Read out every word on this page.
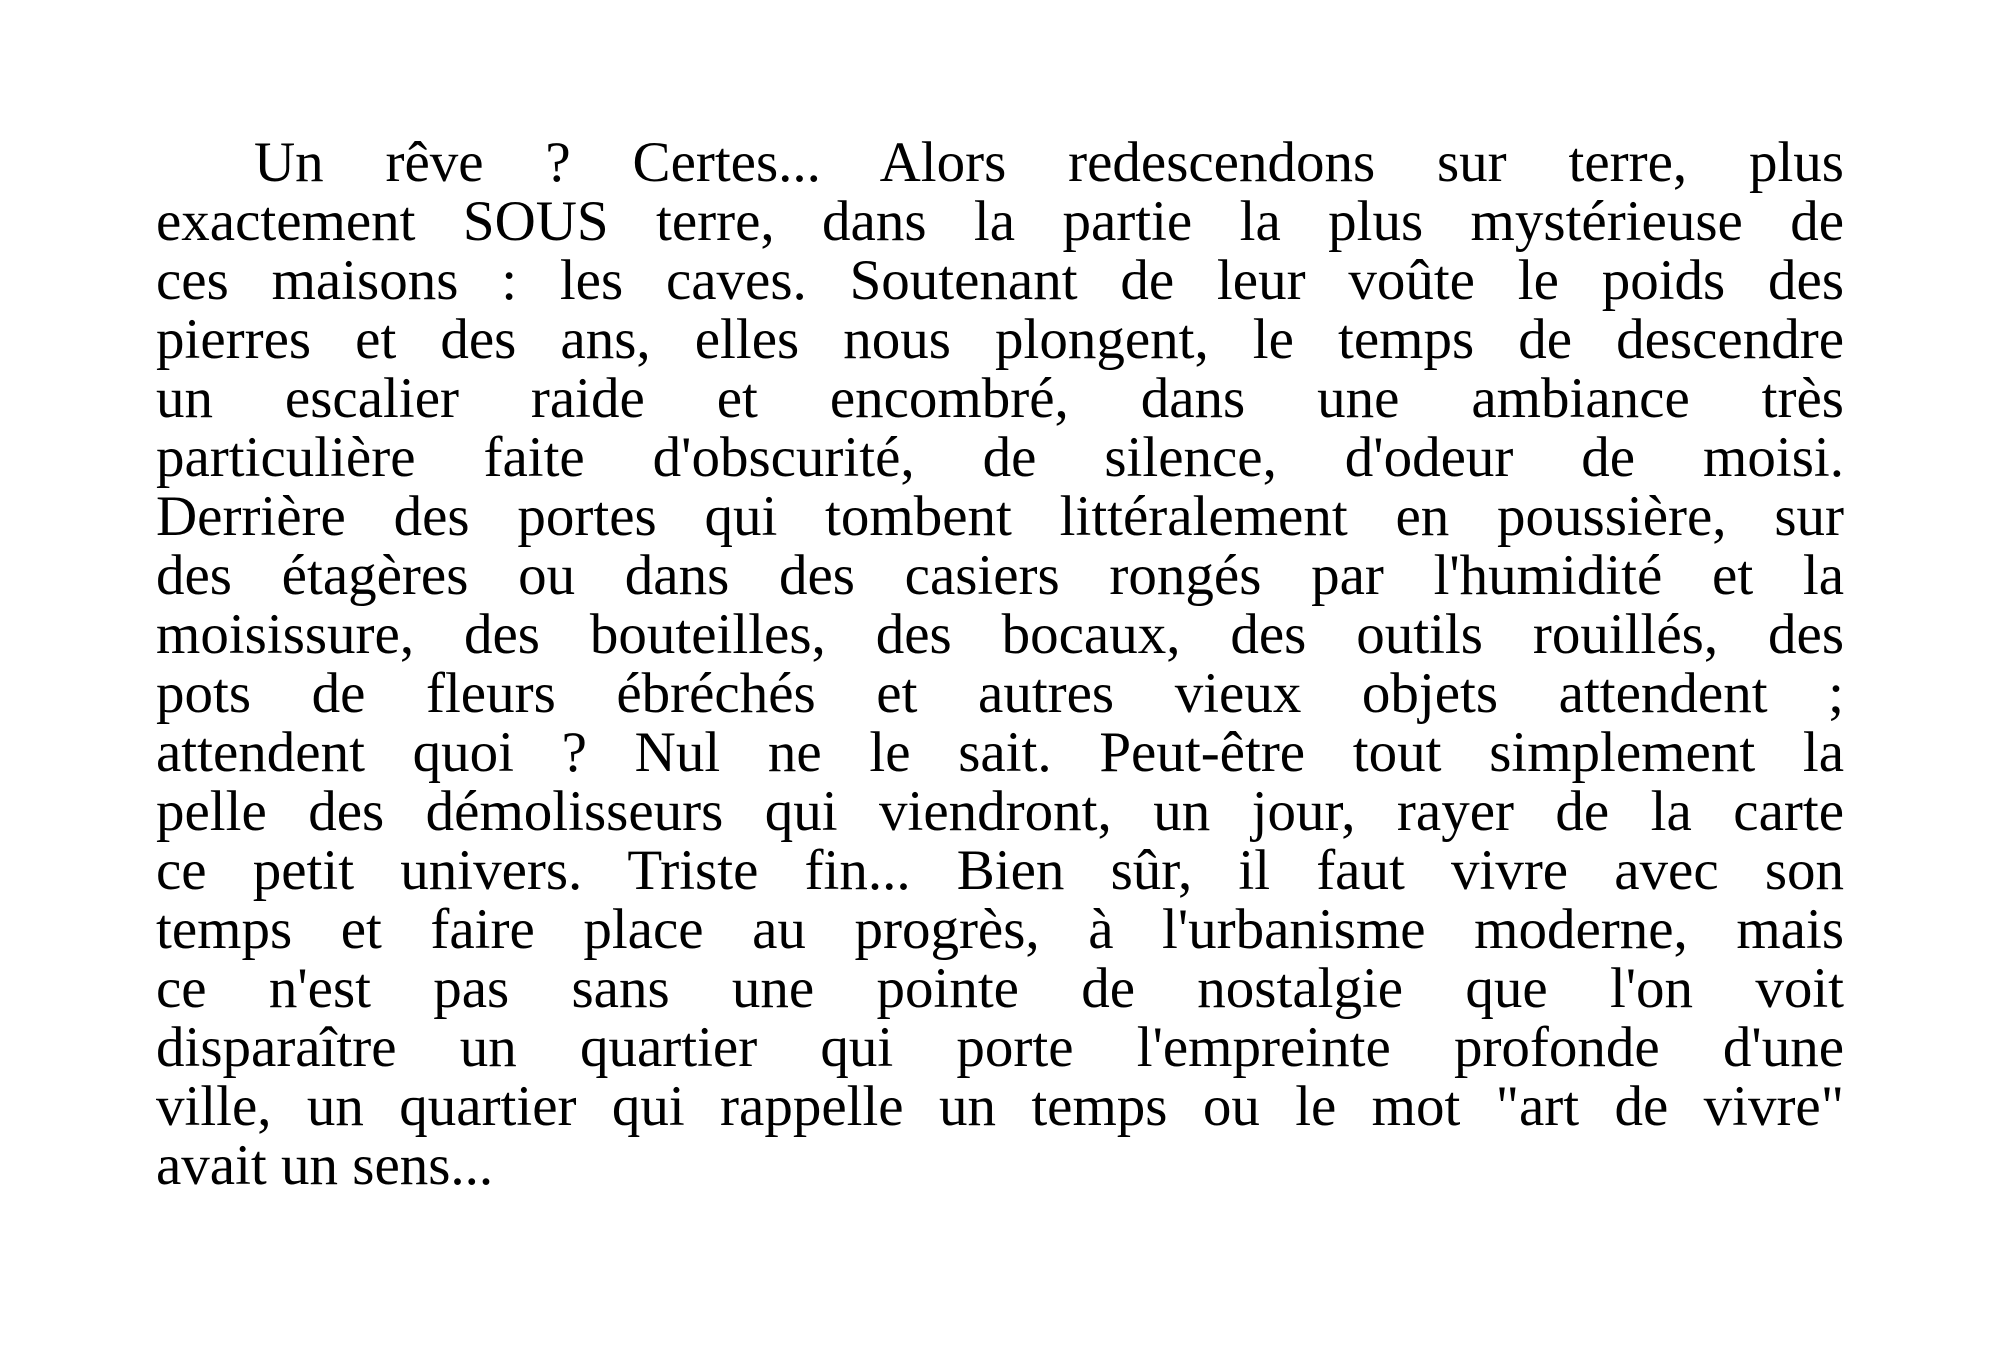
Un rêve ? Certes... Alors redescendons sur terre, plus
exactement SOUS terre, dans la partie la plus mystérieuse de
ces maisons : les caves. Soutenant de leur voûte le poids des
pierres et des ans, elles nous plongent, le temps de descendre
un escalier raide et encombré, dans une ambiance très
particulière faite d'obscurité, de silence, d'odeur de moisi.
Derrière des portes qui tombent littéralement en poussière, sur
des étagères ou dans des casiers rongés par l'humidité et la
moisissure, des bouteilles, des bocaux, des outils rouillés, des
pots de fleurs ébréchés et autres vieux objets attendent ;
attendent quoi ? Nul ne le sait. Peut-être tout simplement la
pelle des démolisseurs qui viendront, un jour, rayer de la carte
ce petit univers. Triste fin... Bien sûr, il faut vivre avec son
temps et faire place au progrès, à l'urbanisme moderne, mais
ce n'est pas sans une pointe de nostalgie que l'on voit
disparaître un quartier qui porte l'empreinte profonde d'une
ville, un quartier qui rappelle un temps ou le mot "art de vivre"
avait un sens...
